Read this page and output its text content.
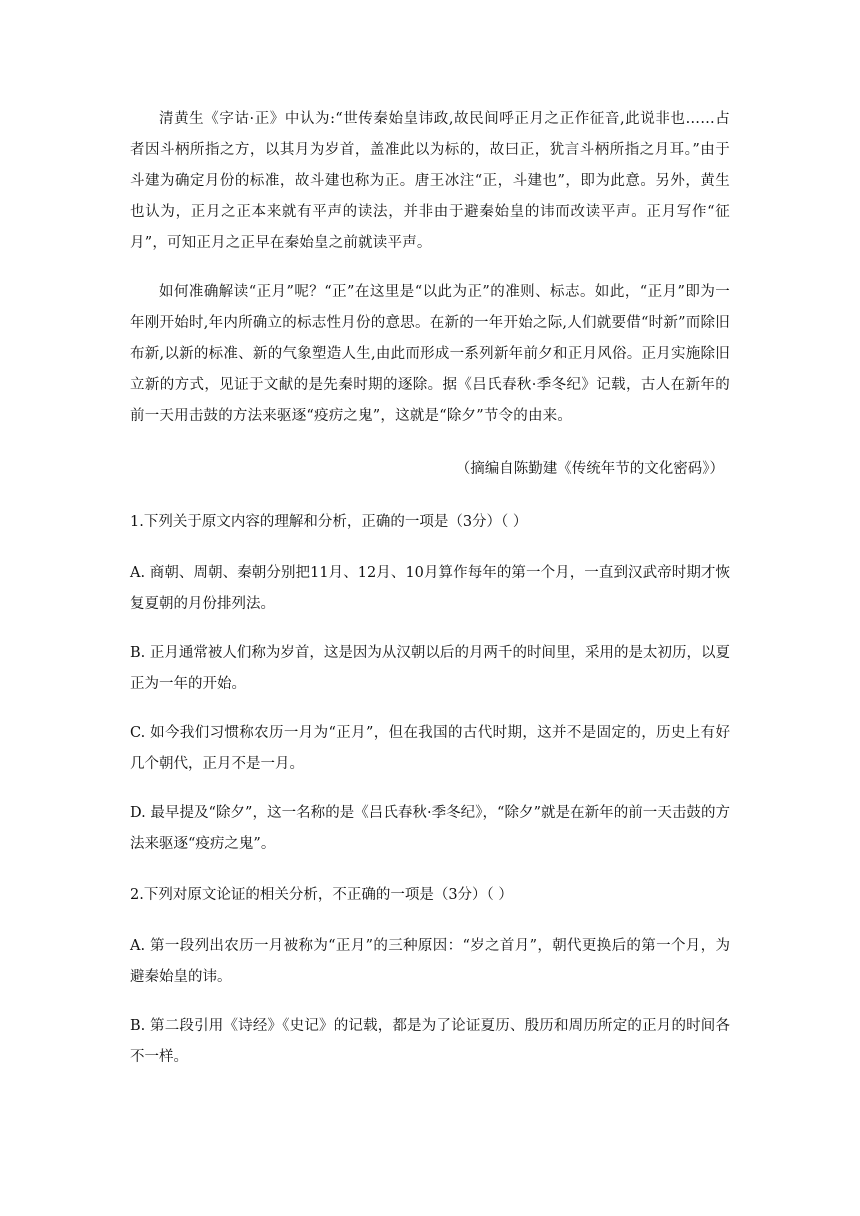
清黄生《字诂·正》中认为:“世传秦始皇讳政,故民间呼正月之正作征音,此说非也……占者因斗柄所指之方，以其月为岁首，盖准此以为标的，故曰正，犹言斗柄所指之月耳。”由于斗建为确定月份的标准，故斗建也称为正。唐王冰注“正，斗建也”，即为此意。另外，黄生也认为，正月之正本来就有平声的读法，并非由于避秦始皇的讳而改读平声。正月写作“征月”，可知正月之正早在秦始皇之前就读平声。

如何准确解读“正月”呢？“正”在这里是“以此为正”的准则、标志。如此，“正月”即为一年刚开始时,年内所确立的标志性月份的意思。在新的一年开始之际,人们就要借“时新”而除旧布新,以新的标准、新的气象塑造人生,由此而形成一系列新年前夕和正月风俗。正月实施除旧立新的方式，见证于文献的是先秦时期的逐除。据《吕氏春秋·季冬纪》记载，古人在新年的前一天用击鼓的方法来驱逐“疫疠之鬼”，这就是“除夕”节令的由来。

（摘编自陈勤建《传统年节的文化密码》）

1.下列关于原文内容的理解和分析，正确的一项是（3分）（ ）

A. 商朝、周朝、秦朝分别把11月、12月、10月算作每年的第一个月，一直到汉武帝时期才恢复夏朝的月份排列法。

B. 正月通常被人们称为岁首，这是因为从汉朝以后的月两千的时间里，采用的是太初历，以夏正为一年的开始。

C. 如今我们习惯称农历一月为“正月”，但在我国的古代时期，这并不是固定的，历史上有好几个朝代，正月不是一月。

D. 最早提及“除夕”，这一名称的是《吕氏春秋·季冬纪》，“除夕”就是在新年的前一天击鼓的方法来驱逐“疫疠之鬼”。

2.下列对原文论证的相关分析，不正确的一项是（3分）（ ）

A. 第一段列出农历一月被称为“正月”的三种原因：“岁之首月”，朝代更换后的第一个月，为避秦始皇的讳。

B. 第二段引用《诗经》《史记》的记载，都是为了论证夏历、殷历和周历所定的正月的时间各不一样。
